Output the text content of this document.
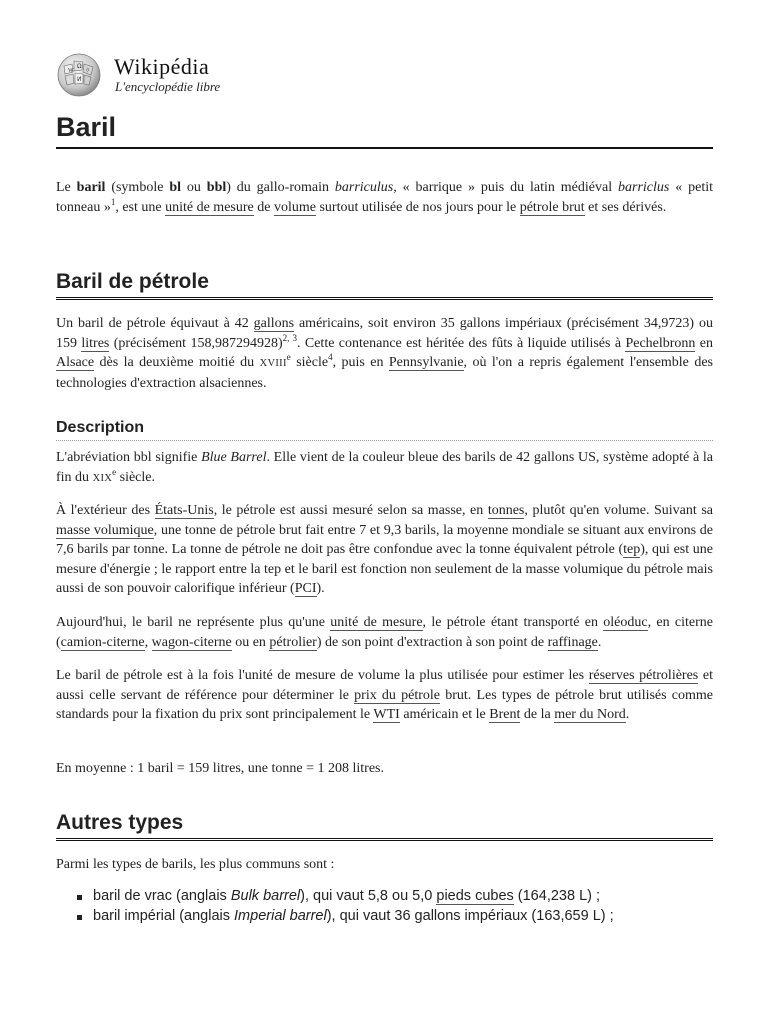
W
Ω
И
ウ Wikipédia
L'encyclopédie libre
Baril

Le baril (symbole bl ou bbl) du gallo-romain barriculus, « barrique » puis du latin médiéval barriclus « petit tonneau »$^1$, est une unité de mesure de volume surtout utilisée de nos jours pour le pétrole brut et ses dérivés.

Baril de pétrole

Un baril de pétrole équivaut à 42 gallons américains, soit environ 35 gallons impériaux (précisément 34,9723) ou 159 litres (précisément 158,987294928)$^{2, 3}$. Cette contenance est héritée des fûts à liquide utilisés à Pechelbronn en Alsace dès la deuxième moitié du XVIIIe siècle$^4$, puis en Pennsylvanie, où l'on a repris également l'ensemble des technologies d'extraction alsaciennes.

Description

L'abréviation bbl signifie Blue Barrel. Elle vient de la couleur bleue des barils de 42 gallons US, système adopté à la fin du XIXe siècle.

À l'extérieur des États-Unis, le pétrole est aussi mesuré selon sa masse, en tonnes, plutôt qu'en volume. Suivant sa masse volumique, une tonne de pétrole brut fait entre 7 et 9,3 barils, la moyenne mondiale se situant aux environs de 7,6 barils par tonne. La tonne de pétrole ne doit pas être confondue avec la tonne équivalent pétrole (tep), qui est une mesure d'énergie ; le rapport entre la tep et le baril est fonction non seulement de la masse volumique du pétrole mais aussi de son pouvoir calorifique inférieur (PCI).

Aujourd'hui, le baril ne représente plus qu'une unité de mesure, le pétrole étant transporté en oléoduc, en citerne (camion-citerne, wagon-citerne ou en pétrolier) de son point d'extraction à son point de raffinage.

Le baril de pétrole est à la fois l'unité de mesure de volume la plus utilisée pour estimer les réserves pétrolières et aussi celle servant de référence pour déterminer le prix du pétrole brut. Les types de pétrole brut utilisés comme standards pour la fixation du prix sont principalement le WTI américain et le Brent de la mer du Nord.

En moyenne : 1 baril = 159 litres, une tonne = 1 208 litres.

Autres types

Parmi les types de barils, les plus communs sont :

baril de vrac (anglais Bulk barrel), qui vaut 5,8 ou 5,0 pieds cubes (164,238 L) ;
baril impérial (anglais Imperial barrel), qui vaut 36 gallons impériaux (163,659 L) ;
